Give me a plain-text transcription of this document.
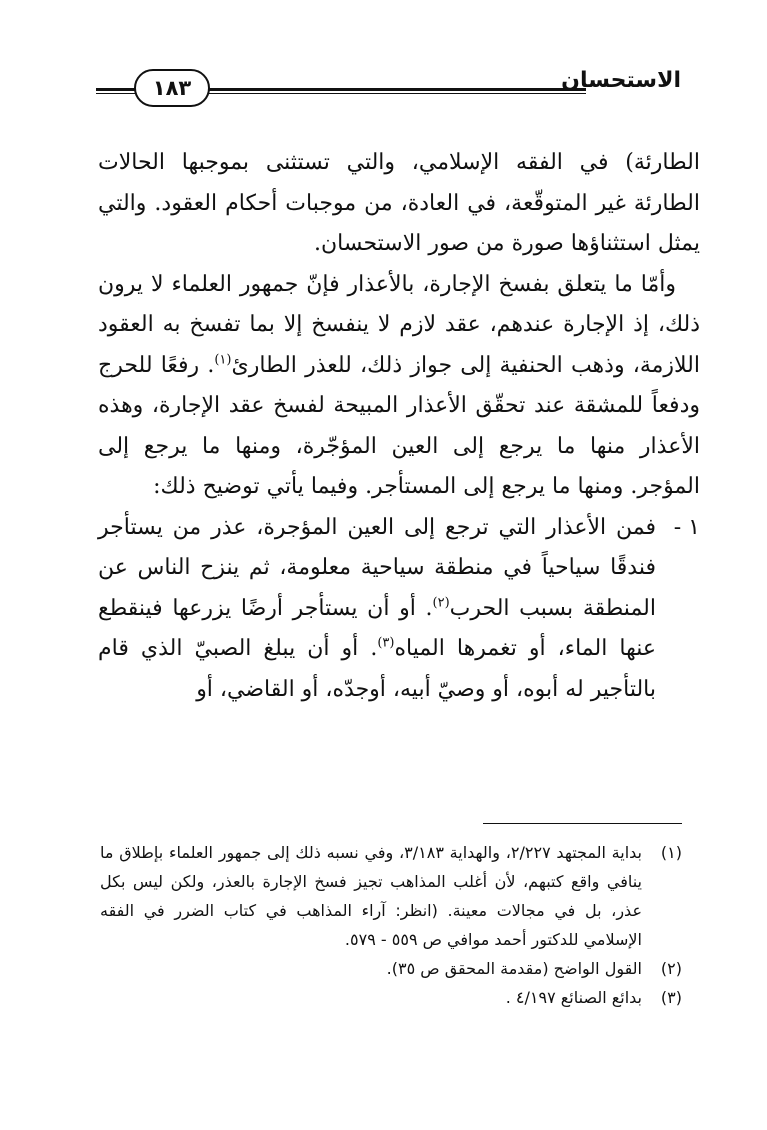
الاستحسان
١٨٣

الطارئة) في الفقه الإسلامي، والتي تستثنى بموجبها الحالات الطارئة غير المتوقّعة، في العادة، من موجبات أحكام العقود. والتي يمثل استثناؤها صورة من صور الاستحسان.

وأمّا ما يتعلق بفسخ الإجارة، بالأعذار فإنّ جمهور العلماء لا يرون ذلك، إذ الإجارة عندهم، عقد لازم لا ينفسخ إلا بما تفسخ به العقود اللازمة، وذهب الحنفية إلى جواز ذلك، للعذر الطارئ$^{(١)}$. رفعًا للحرج ودفعاً للمشقة عند تحقّق الأعذار المبيحة لفسخ عقد الإجارة، وهذه الأعذار منها ما يرجع إلى العين المؤجّرة، ومنها ما يرجع إلى المؤجر. ومنها ما يرجع إلى المستأجر. وفيما يأتي توضيح ذلك:

١ -
فمن الأعذار التي ترجع إلى العين المؤجرة، عذر من يستأجر فندقًا سياحياً في منطقة سياحية معلومة، ثم ينزح الناس عن المنطقة بسبب الحرب$^{(٢)}$. أو أن يستأجر أرضًا يزرعها فينقطع عنها الماء، أو تغمرها المياه$^{(٣)}$. أو أن يبلغ الصبيّ الذي قام بالتأجير له أبوه، أو وصيّ أبيه، أوجدّه، أو القاضي، أو

(١)
بداية المجتهد ٢/٢٢٧، والهداية ٣/١٨٣، وفي نسبه ذلك إلى جمهور العلماء بإطلاق ما ينافي واقع كتبهم، لأن أغلب المذاهب تجيز فسخ الإجارة بالعذر، ولكن ليس بكل عذر، بل في مجالات معينة. (انظر: آراء المذاهب في كتاب الضرر في الفقه الإسلامي للدكتور أحمد موافي ص ٥٥٩ - ٥٧٩.
(٢)
القول الواضح (مقدمة المحقق ص ٣٥).
(٣)
بدائع الصنائع ٤/١٩٧ .
